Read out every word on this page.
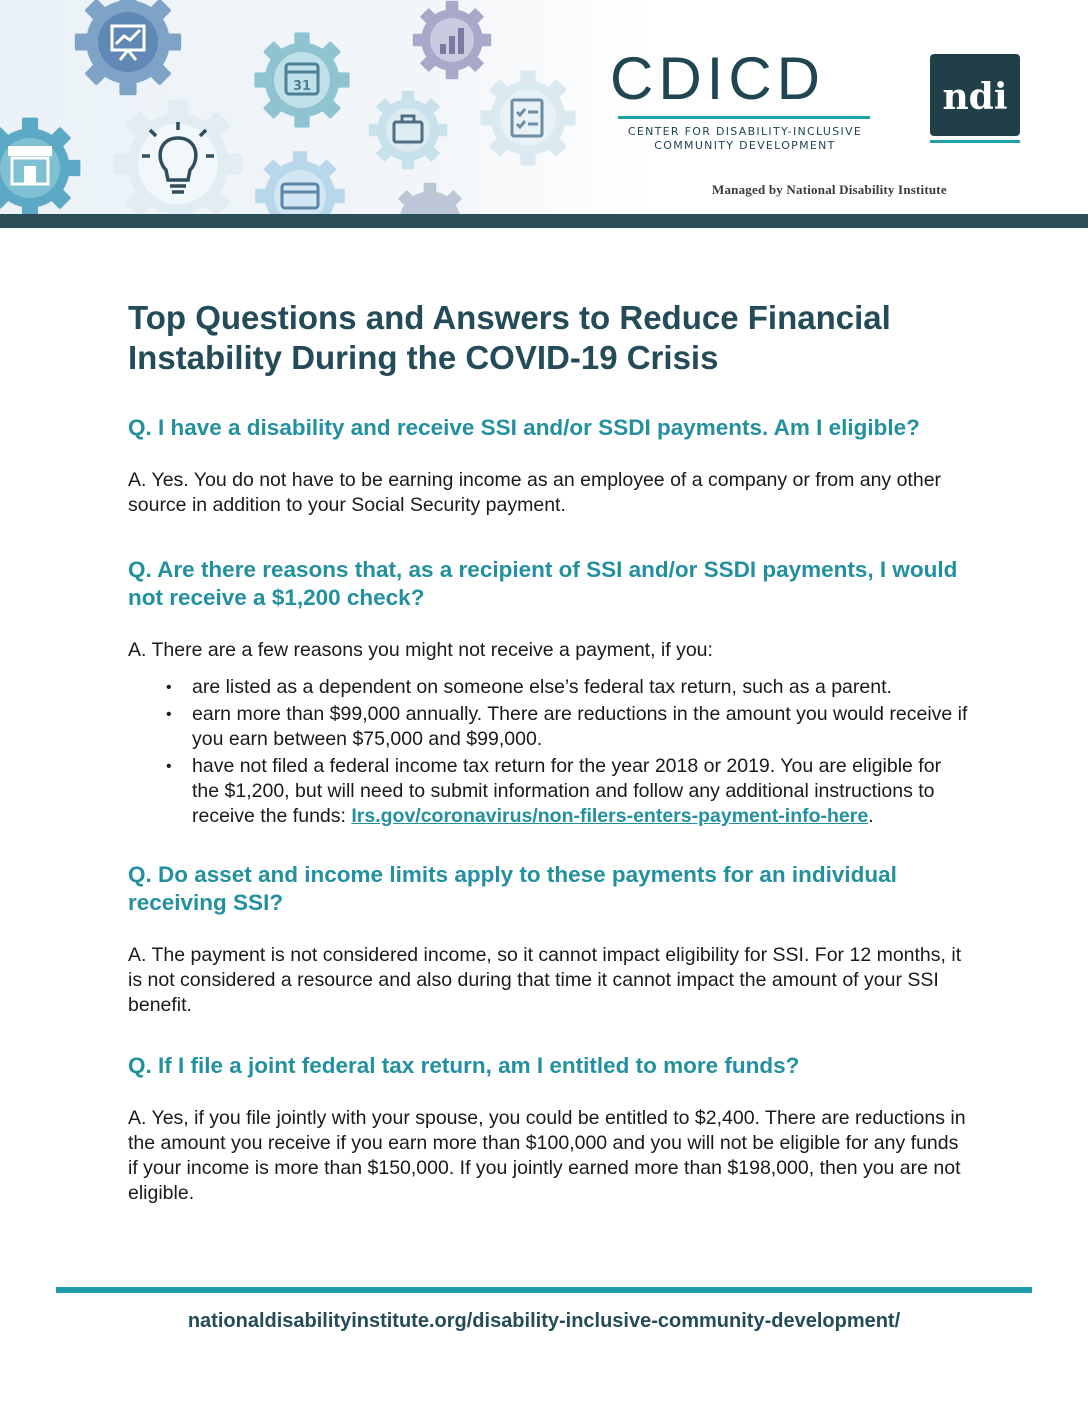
31	CDICD
CENTER FOR DISABILITY-INCLUSIVE
COMMUNITY DEVELOPMENT
ndi
Managed by National Disability Institute
Top Questions and Answers to Reduce Financial Instability During the COVID-19 Crisis

Q. I have a disability and receive SSI and/or SSDI payments. Am I eligible?

A. Yes. You do not have to be earning income as an employee of a company or from any other source in addition to your Social Security payment.

Q. Are there reasons that, as a recipient of SSI and/or SSDI payments, I would not receive a $1,200 check?

A. There are a few reasons you might not receive a payment, if you:

• are listed as a dependent on someone else’s federal tax return, such as a parent.
• earn more than $99,000 annually. There are reductions in the amount you would receive if you earn between $75,000 and $99,000.
• have not filed a federal income tax return for the year 2018 or 2019. You are eligible for the $1,200, but will need to submit information and follow any additional instructions to receive the funds: Irs.gov/coronavirus/non-filers-enters-payment-info-here.

Q. Do asset and income limits apply to these payments for an individual receiving SSI?

A. The payment is not considered income, so it cannot impact eligibility for SSI. For 12 months, it is not considered a resource and also during that time it cannot impact the amount of your SSI benefit.

Q. If I file a joint federal tax return, am I entitled to more funds?

A. Yes, if you file jointly with your spouse, you could be entitled to $2,400. There are reductions in the amount you receive if you earn more than $100,000 and you will not be eligible for any funds if your income is more than $150,000. If you jointly earned more than $198,000, then you are not eligible.

nationaldisabilityinstitute.org/disability-inclusive-community-development/
